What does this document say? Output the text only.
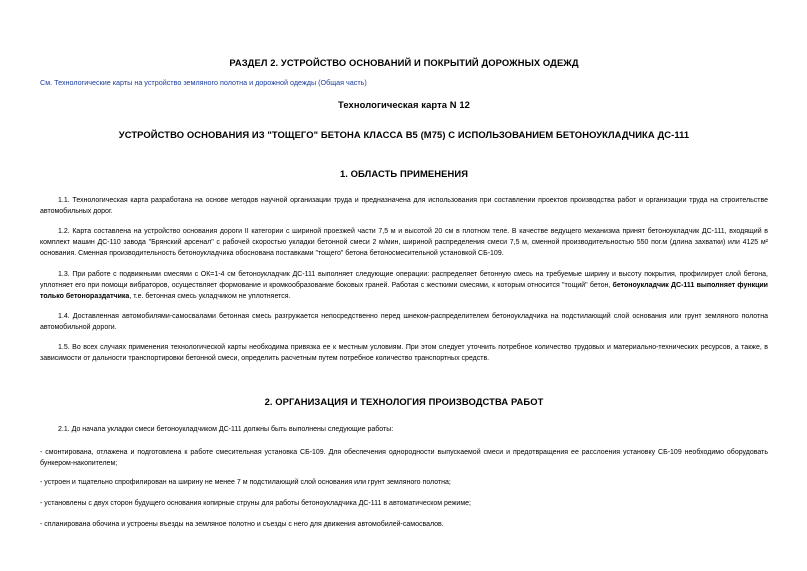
РАЗДЕЛ 2. УСТРОЙСТВО ОСНОВАНИЙ И ПОКРЫТИЙ ДОРОЖНЫХ ОДЕЖД
См. Технологические карты на устройство земляного полотна и дорожной одежды (Общая часть)
Технологическая карта N 12
УСТРОЙСТВО ОСНОВАНИЯ ИЗ "ТОЩЕГО" БЕТОНА КЛАССА В5 (М75) С ИСПОЛЬЗОВАНИЕМ БЕТОНОУКЛАДЧИКА ДС-111
1. ОБЛАСТЬ ПРИМЕНЕНИЯ
1.1. Технологическая карта разработана на основе методов научной организации труда и предназначена для использования при составлении проектов производства работ и организации труда на строительстве автомобильных дорог.
1.2. Карта составлена на устройство основания дороги II категории с шириной проезжей части 7,5 м и высотой 20 см в плотном теле. В качестве ведущего механизма принят бетоноукладчик ДС-111, входящий в комплект машин ДС-110 завода "Брянский арсенал" с рабочей скоростью укладки бетонной смеси 2 м/мин, шириной распределения смеси 7,5 м, сменной производительностью 550 пог.м (длина захватки) или 4125 м² основания. Сменная производительность бетоноукладчика обоснована поставками "тощего" бетона бетоносмесительной установкой СБ-109.
1.3. При работе с подвижными смесями с ОК=1-4 см бетоноукладчик ДС-111 выполняет следующие операции: распределяет бетонную смесь на требуемые ширину и высоту покрытия, профилирует слой бетона, уплотняет его при помощи вибраторов, осуществляет формование и кромкообразование боковых граней. Работая с жесткими смесями, к которым относится "тощий" бетон, бетоноукладчик ДС-111 выполняет функции только бетонораздатчика, т.е. бетонная смесь укладчиком не уплотняется.
1.4. Доставленная автомобилями-самосвалами бетонная смесь разгружается непосредственно перед шнеком-распределителем бетоноукладчика на подстилающий слой основания или грунт земляного полотна автомобильной дороги.
1.5. Во всех случаях применения технологической карты необходима привязка ее к местным условиям. При этом следует уточнить потребное количество трудовых и материально-технических ресурсов, а также, в зависимости от дальности транспортировки бетонной смеси, определить расчетным путем потребное количество транспортных средств.
2. ОРГАНИЗАЦИЯ И ТЕХНОЛОГИЯ ПРОИЗВОДСТВА РАБОТ
2.1. До начала укладки смеси бетоноукладчиком ДС-111 должны быть выполнены следующие работы:
- смонтирована, отлажена и подготовлена к работе смесительная установка СБ-109. Для обеспечения однородности выпускаемой смеси и предотвращения ее расслоения установку СБ-109 необходимо оборудовать бункером-накопителем;
- устроен и тщательно спрофилирован на ширину не менее 7 м подстилающий слой основания или грунт земляного полотна;
- установлены с двух сторон будущего основания копирные струны для работы бетоноукладчика ДС-111 в автоматическом режиме;
- спланирована обочина и устроены въезды на земляное полотно и съезды с него для движения автомобилей-самосвалов.
